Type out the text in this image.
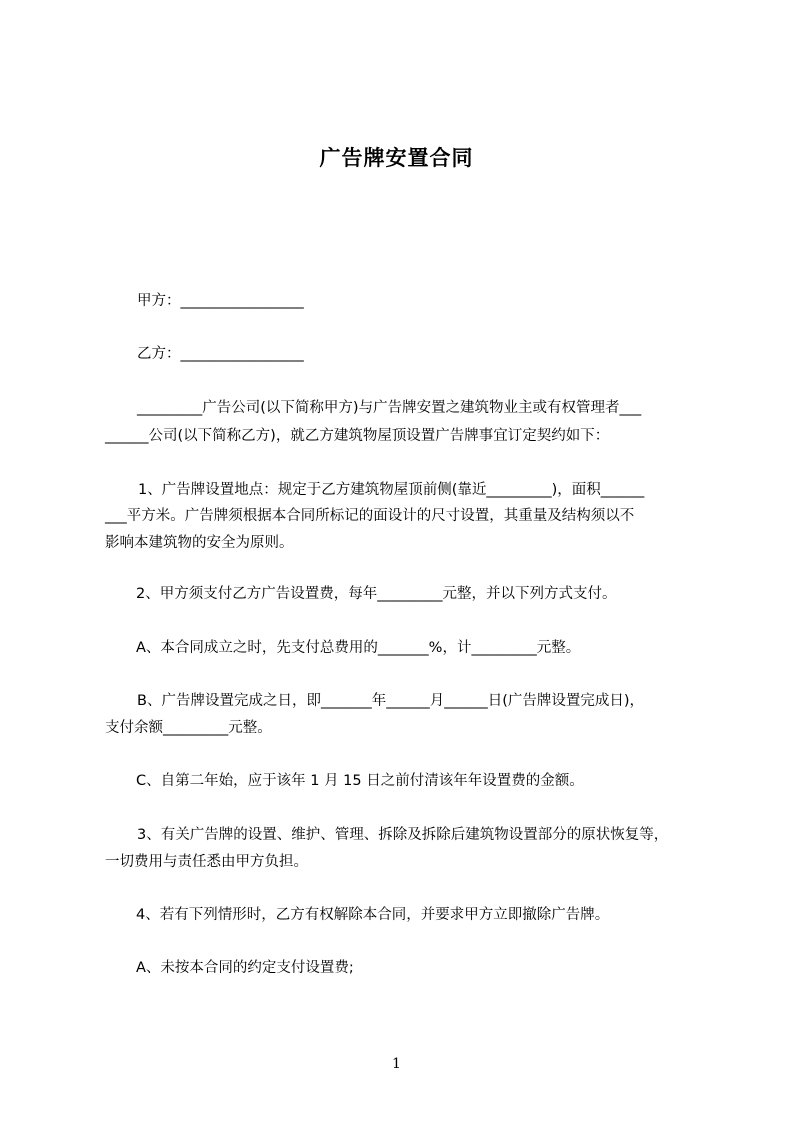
广告牌安置合同
甲方：_________________
乙方：_________________
_________广告公司(以下简称甲方)与广告牌安置之建筑物业主或有权管理者___
______公司(以下简称乙方)，就乙方建筑物屋顶设置广告牌事宜订定契约如下：
1、广告牌设置地点：规定于乙方建筑物屋顶前侧(靠近_________)，面积______
___平方米。广告牌须根据本合同所标记的面设计的尺寸设置，其重量及结构须以不
影响本建筑物的安全为原则。
2、甲方须支付乙方广告设置费，每年_________元整，并以下列方式支付。
A、本合同成立之时，先支付总费用的_______%，计_________元整。
B、广告牌设置完成之日，即_______年______月______日(广告牌设置完成日)，
支付余额_________元整。
C、自第二年始，应于该年 1 月 15 日之前付清该年年设置费的金额。
3、有关广告牌的设置、维护、管理、拆除及拆除后建筑物设置部分的原状恢复等，
一切费用与责任悉由甲方负担。
4、若有下列情形时，乙方有权解除本合同，并要求甲方立即撤除广告牌。
A、未按本合同的约定支付设置费;
1
